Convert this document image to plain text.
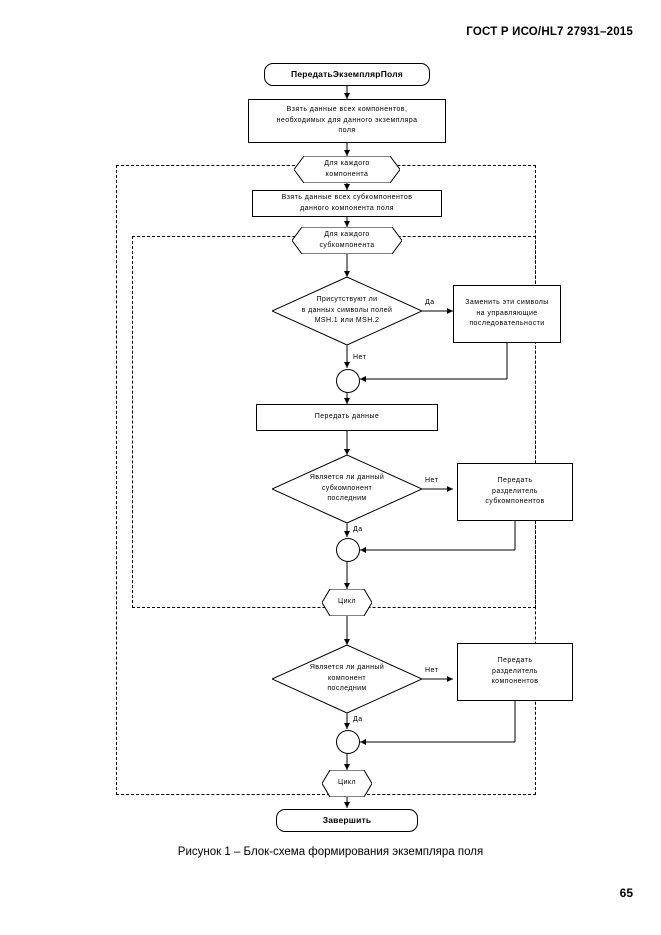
ГОСТ Р ИСО/HL7 27931–2015
ПередатьЭкземплярПоля
Взять данные всех компонентов,
необходимых для данного экземпляра
поля
Для каждого
компонента
Взять данные всех субкомпонентов
данного компонента поля
Для каждого
субкомпонента
Присутствуют ли
в данных символы полей
MSH.1 или MSH.2
Заменить эти символы
на управляющие
последовательности
Передать данные
Является ли данный
субкомпонент
последним
Передать
разделитель
субкомпонентов
Цикл
Является ли данный
компонент
последним
Передать
разделитель
компонентов
Цикл
Завершить
Да
Нет
Нет
Да
Нет
Да
Рисунок 1 – Блок-схема формирования экземпляра поля
65
